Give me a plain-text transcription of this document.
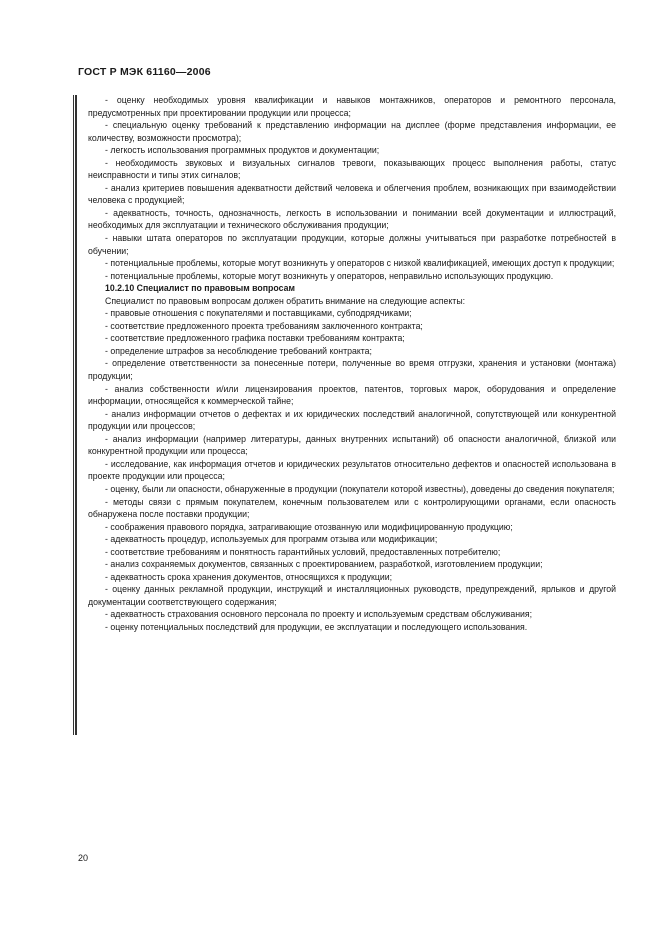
ГОСТ Р МЭК 61160—2006

- оценку необходимых уровня квалификации и навыков монтажников, операторов и ремонтного персонала, предусмотренных при проектировании продукции или процесса;

- специальную оценку требований к представлению информации на дисплее (форме представления информации, ее количеству, возможности просмотра);

- легкость использования программных продуктов и документации;

- необходимость звуковых и визуальных сигналов тревоги, показывающих процесс выполнения работы, статус неисправности и типы этих сигналов;

- анализ критериев повышения адекватности действий человека и облегчения проблем, возникающих при взаимодействии человека с продукцией;

- адекватность, точность, однозначность, легкость в использовании и понимании всей документации и иллюстраций, необходимых для эксплуатации и технического обслуживания продукции;

- навыки штата операторов по эксплуатации продукции, которые должны учитываться при разработке потребностей в обучении;

- потенциальные проблемы, которые могут возникнуть у операторов с низкой квалификацией, имеющих доступ к продукции;

- потенциальные проблемы, которые могут возникнуть у операторов, неправильно использующих продукцию.

10.2.10 Специалист по правовым вопросам

Специалист по правовым вопросам должен обратить внимание на следующие аспекты:

- правовые отношения с покупателями и поставщиками, субподрядчиками;

- соответствие предложенного проекта требованиям заключенного контракта;

- соответствие предложенного графика поставки требованиям контракта;

- определение штрафов за несоблюдение требований контракта;

- определение ответственности за понесенные потери, полученные во время отгрузки, хранения и установки (монтажа) продукции;

- анализ собственности и/или лицензирования проектов, патентов, торговых марок, оборудования и определение информации, относящейся к коммерческой тайне;

- анализ информации отчетов о дефектах и их юридических последствий аналогичной, сопутствующей или конкурентной продукции или процессов;

- анализ информации (например литературы, данных внутренних испытаний) об опасности аналогичной, близкой или конкурентной продукции или процесса;

- исследование, как информация отчетов и юридических результатов относительно дефектов и опасностей использована в проекте продукции или процесса;

- оценку, были ли опасности, обнаруженные в продукции (покупатели которой известны), доведены до сведения покупателя;

- методы связи с прямым покупателем, конечным пользователем или с контролирующими органами, если опасность обнаружена после поставки продукции;

- соображения правового порядка, затрагивающие отозванную или модифицированную продукцию;

- адекватность процедур, используемых для программ отзыва или модификации;

- соответствие требованиям и понятность гарантийных условий, предоставленных потребителю;

- анализ сохраняемых документов, связанных с проектированием, разработкой, изготовлением продукции;

- адекватность срока хранения документов, относящихся к продукции;

- оценку данных рекламной продукции, инструкций и инсталляционных руководств, предупреждений, ярлыков и другой документации соответствующего содержания;

- адекватность страхования основного персонала по проекту и используемым средствам обслуживания;

- оценку потенциальных последствий для продукции, ее эксплуатации и последующего использования.

20
